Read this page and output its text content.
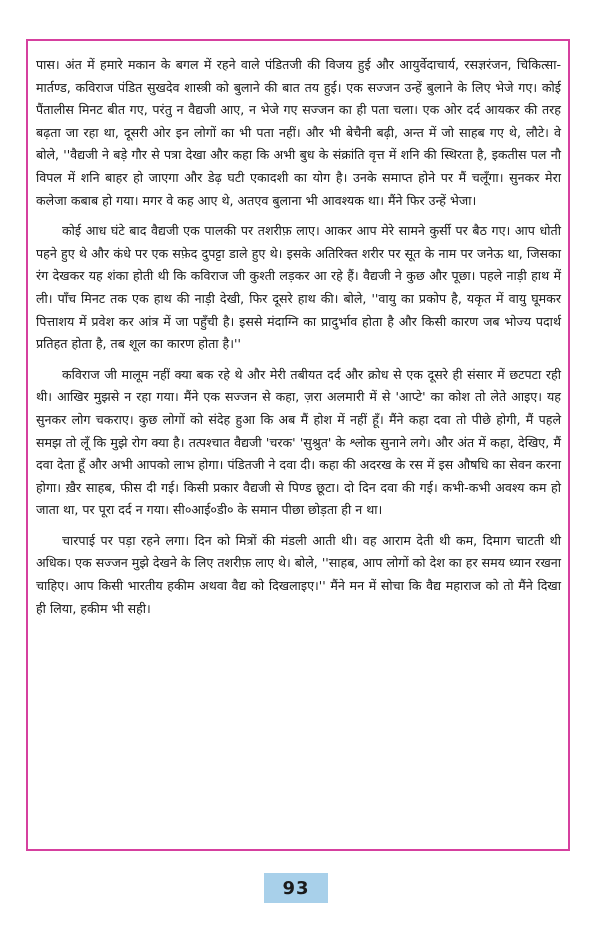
पास। अंत में हमारे मकान के बगल में रहने वाले पंडितजी की विजय हुई और आयुर्वेदाचार्य, रसज्ञरंजन, चिकित्सा-मार्तण्ड, कविराज पंडित सुखदेव शास्त्री को बुलाने की बात तय हुई। एक सज्जन उन्हें बुलाने के लिए भेजे गए। कोई पैंतालीस मिनट बीत गए, परंतु न वैद्यजी आए, न भेजे गए सज्जन का ही पता चला। एक ओर दर्द आयकर की तरह बढ़ता जा रहा था, दूसरी ओर इन लोगों का भी पता नहीं। और भी बेचैनी बढ़ी, अन्त में जो साहब गए थे, लौटे। वे बोले, ''वैद्यजी ने बड़े गौर से पत्रा देखा और कहा कि अभी बुध के संक्रांति वृत्त में शनि की स्थिरता है, इकतीस पल नौ विपल में शनि बाहर हो जाएगा और डेढ़ घटी एकादशी का योग है। उनके समाप्त होने पर मैं चलूँगा। सुनकर मेरा कलेजा कबाब हो गया। मगर वे कह आए थे, अतएव बुलाना भी आवश्यक था। मैंने फिर उन्हें भेजा।

कोई आध घंटे बाद वैद्यजी एक पालकी पर तशरीफ़ लाए। आकर आप मेरे सामने कुर्सी पर बैठ गए। आप धोती पहने हुए थे और कंधे पर एक सफ़ेद दुपट्टा डाले हुए थे। इसके अतिरिक्त शरीर पर सूत के नाम पर जनेऊ था, जिसका रंग देखकर यह शंका होती थी कि कविराज जी कुश्ती लड़कर आ रहे हैं। वैद्यजी ने कुछ और पूछा। पहले नाड़ी हाथ में ली। पाँच मिनट तक एक हाथ की नाड़ी देखी, फिर दूसरे हाथ की। बोले, ''वायु का प्रकोप है, यकृत में वायु घूमकर पित्ताशय में प्रवेश कर आंत्र में जा पहुँची है। इससे मंदाग्नि का प्रादुर्भाव होता है और किसी कारण जब भोज्य पदार्थ प्रतिहत होता है, तब शूल का कारण होता है।''

कविराज जी मालूम नहीं क्या बक रहे थे और मेरी तबीयत दर्द और क्रोध से एक दूसरे ही संसार में छटपटा रही थी। आखिर मुझसे न रहा गया। मैंने एक सज्जन से कहा, ज़रा अलमारी में से 'आप्टे' का कोश तो लेते आइए। यह सुनकर लोग चकराए। कुछ लोगों को संदेह हुआ कि अब मैं होश में नहीं हूँ। मैंने कहा दवा तो पीछे होगी, मैं पहले समझ तो लूँ कि मुझे रोग क्या है। तत्पश्चात वैद्यजी 'चरक' 'सुश्रुत' के श्लोक सुनाने लगे। और अंत में कहा, देखिए, मैं दवा देता हूँ और अभी आपको लाभ होगा। पंडितजी ने दवा दी। कहा की अदरख के रस में इस औषधि का सेवन करना होगा। ख़ैर साहब, फीस दी गई। किसी प्रकार वैद्यजी से पिण्ड छूटा। दो दिन दवा की गई। कभी-कभी अवश्य कम हो जाता था, पर पूरा दर्द न गया। सी०आई०डी० के समान पीछा छोड़ता ही न था।

चारपाई पर पड़ा रहने लगा। दिन को मित्रों की मंडली आती थी। वह आराम देती थी कम, दिमाग चाटती थी अधिक। एक सज्जन मुझे देखने के लिए तशरीफ़ लाए थे। बोले, ''साहब, आप लोगों को देश का हर समय ध्यान रखना चाहिए। आप किसी भारतीय हकीम अथवा वैद्य को दिखलाइए।'' मैंने मन में सोचा कि वैद्य महाराज को तो मैंने दिखा ही लिया, हकीम भी सही।

93
